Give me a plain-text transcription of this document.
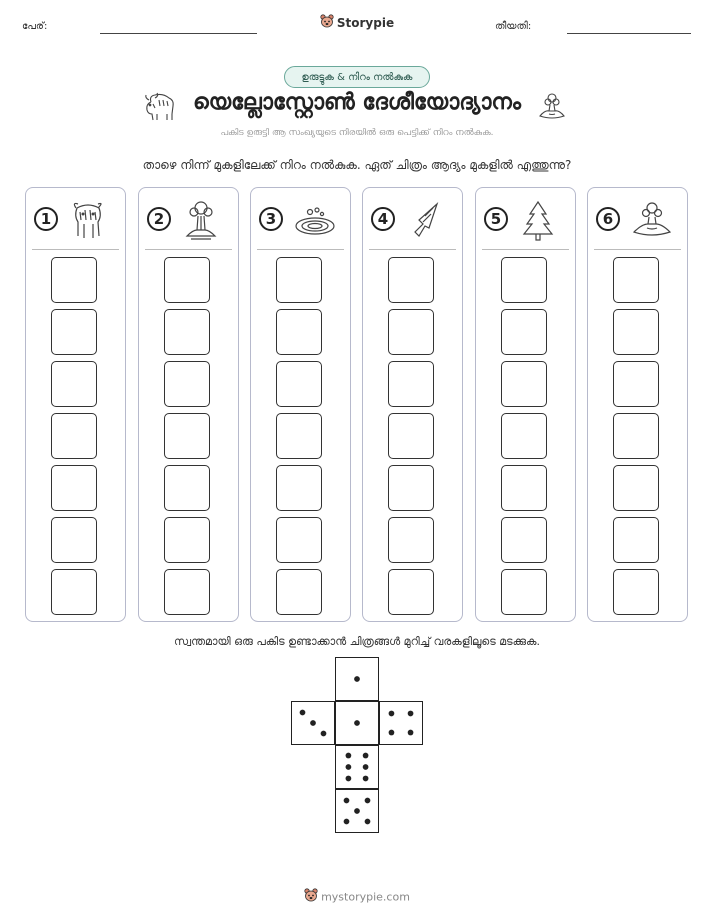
പേര്:	Storypie	തീയതി:
ഉരുട്ടുക & നിറം നൽകുക
യെല്ലോസ്റ്റോൺ ദേശീയോദ്യാനം
പകിട ഉരുട്ടി ആ സംഖ്യയുടെ നിരയിൽ ഒരു പെട്ടിക്ക് നിറം നൽകുക.
താഴെ നിന്ന് മുകളിലേക്ക് നിറം നൽകുക. ഏത് ചിത്രം ആദ്യം മുകളിൽ എത്തുന്നു?
1	2	3	4	5	6
സ്വന്തമായി ഒരു പകിട ഉണ്ടാക്കാൻ ചിത്രങ്ങൾ മുറിച്ച് വരകളിലൂടെ മടക്കുക.
mystorypie.com
